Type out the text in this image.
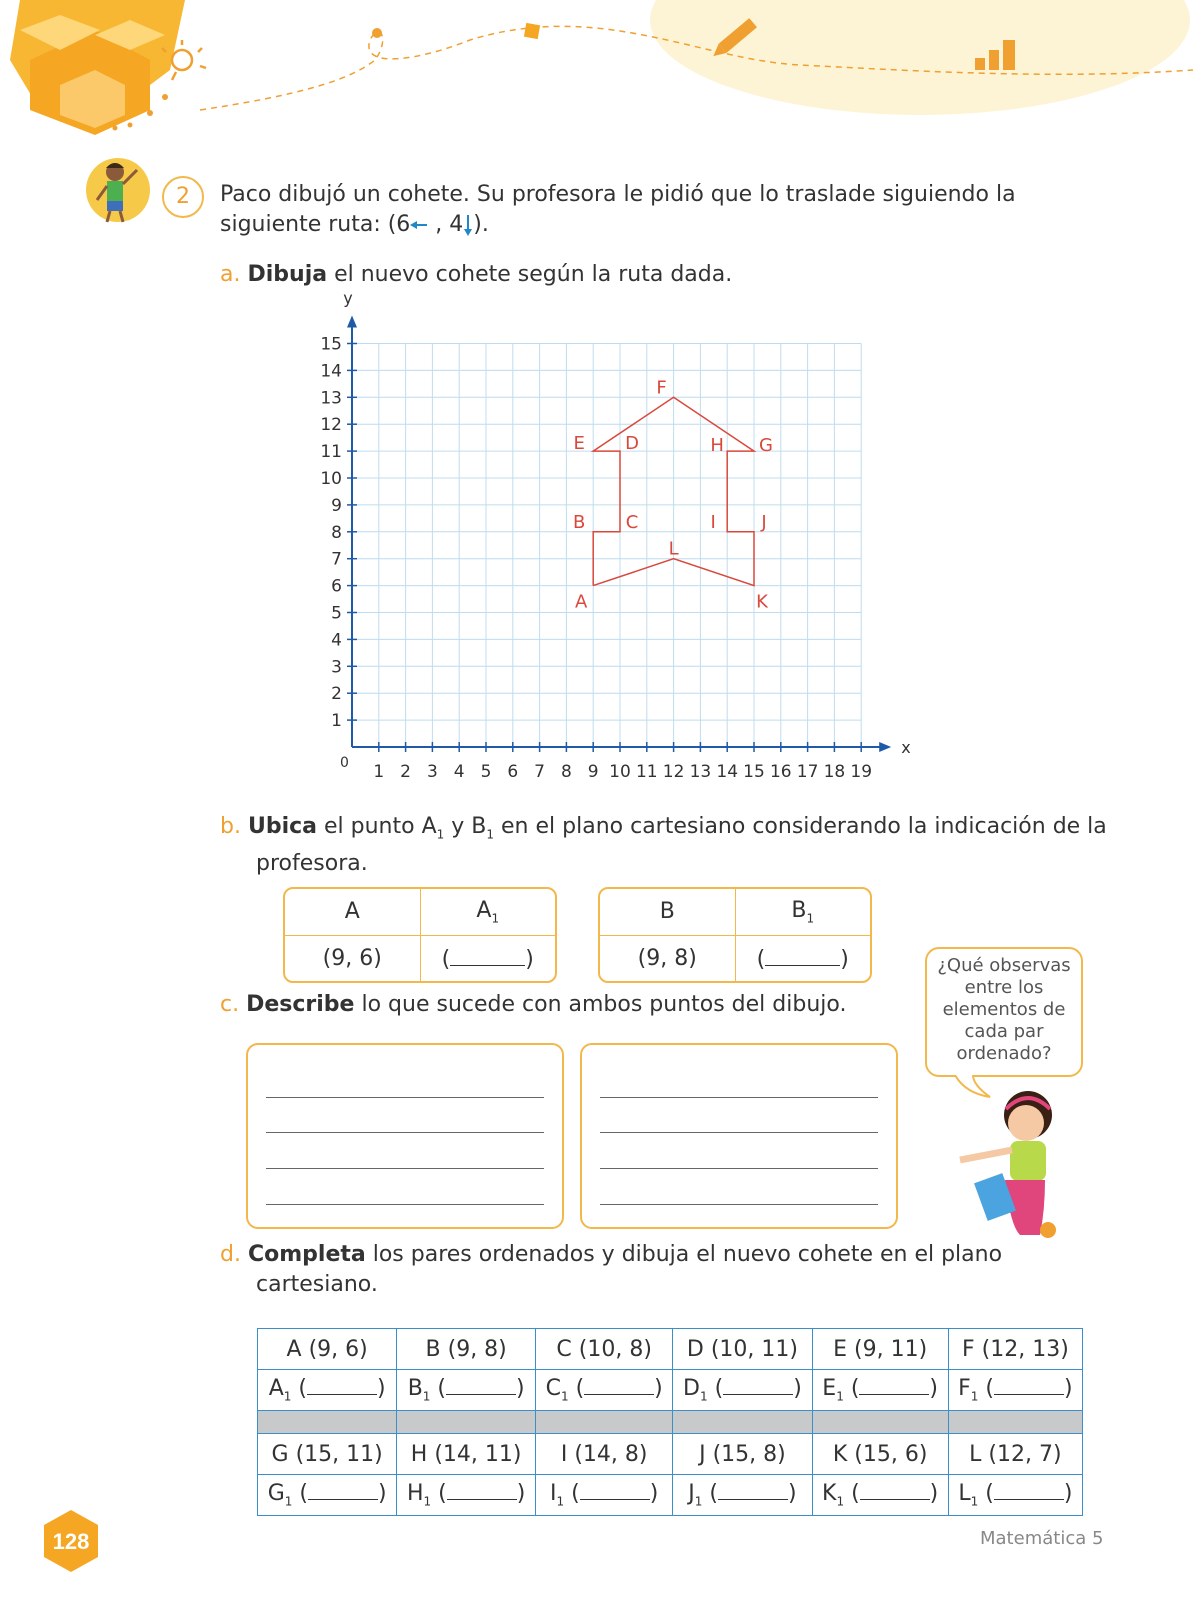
2	Paco dibujó un cohete. Su profesora le pidió que lo traslade siguiendo la
siguiente ruta: (6 , 4 ).
a. Dibuja el nuevo cohete según la ruta dada.
x
y
0 1 2 3 4 5 6 7 8 9 10 11 12 13 14 15 16 17 18 19
1
2
3
4
5
6
7
8
9
10
11
12
13
14
15
A
B C
D
E
F
G
H
I	J
K
L
b. Ubica el punto $A_1$ y $B_1$ en el plano cartesiano considerando la indicación de la
profesora.
A	$A_1$
(9, 6)	( )
B	$B_1$
(9, 8)	( )	¿Qué observas entre los elementos de cada par ordenado?
c. Describe lo que sucede con ambos puntos del dibujo.
d. Completa los pares ordenados y dibuja el nuevo cohete en el plano
cartesiano.
A (9, 6)	B (9, 8)	C (10, 8)	D (10, 11)	E (9, 11)	F (12, 13)
$A_1$ ( )	$B_1$ ( )	$C_1$ ( )	$D_1$ ( )	$E_1$ ( )	$F_1$ ( )

G (15, 11)	H (14, 11)	I (14, 8)	J (15, 8)	K (15, 6)	L (12, 7)
$G_1$ ( )	$H_1$ ( )	$I_1$ ( )	$J_1$ ( )	$K_1$ ( )	$L_1$ ( )
128	Matemática 5
